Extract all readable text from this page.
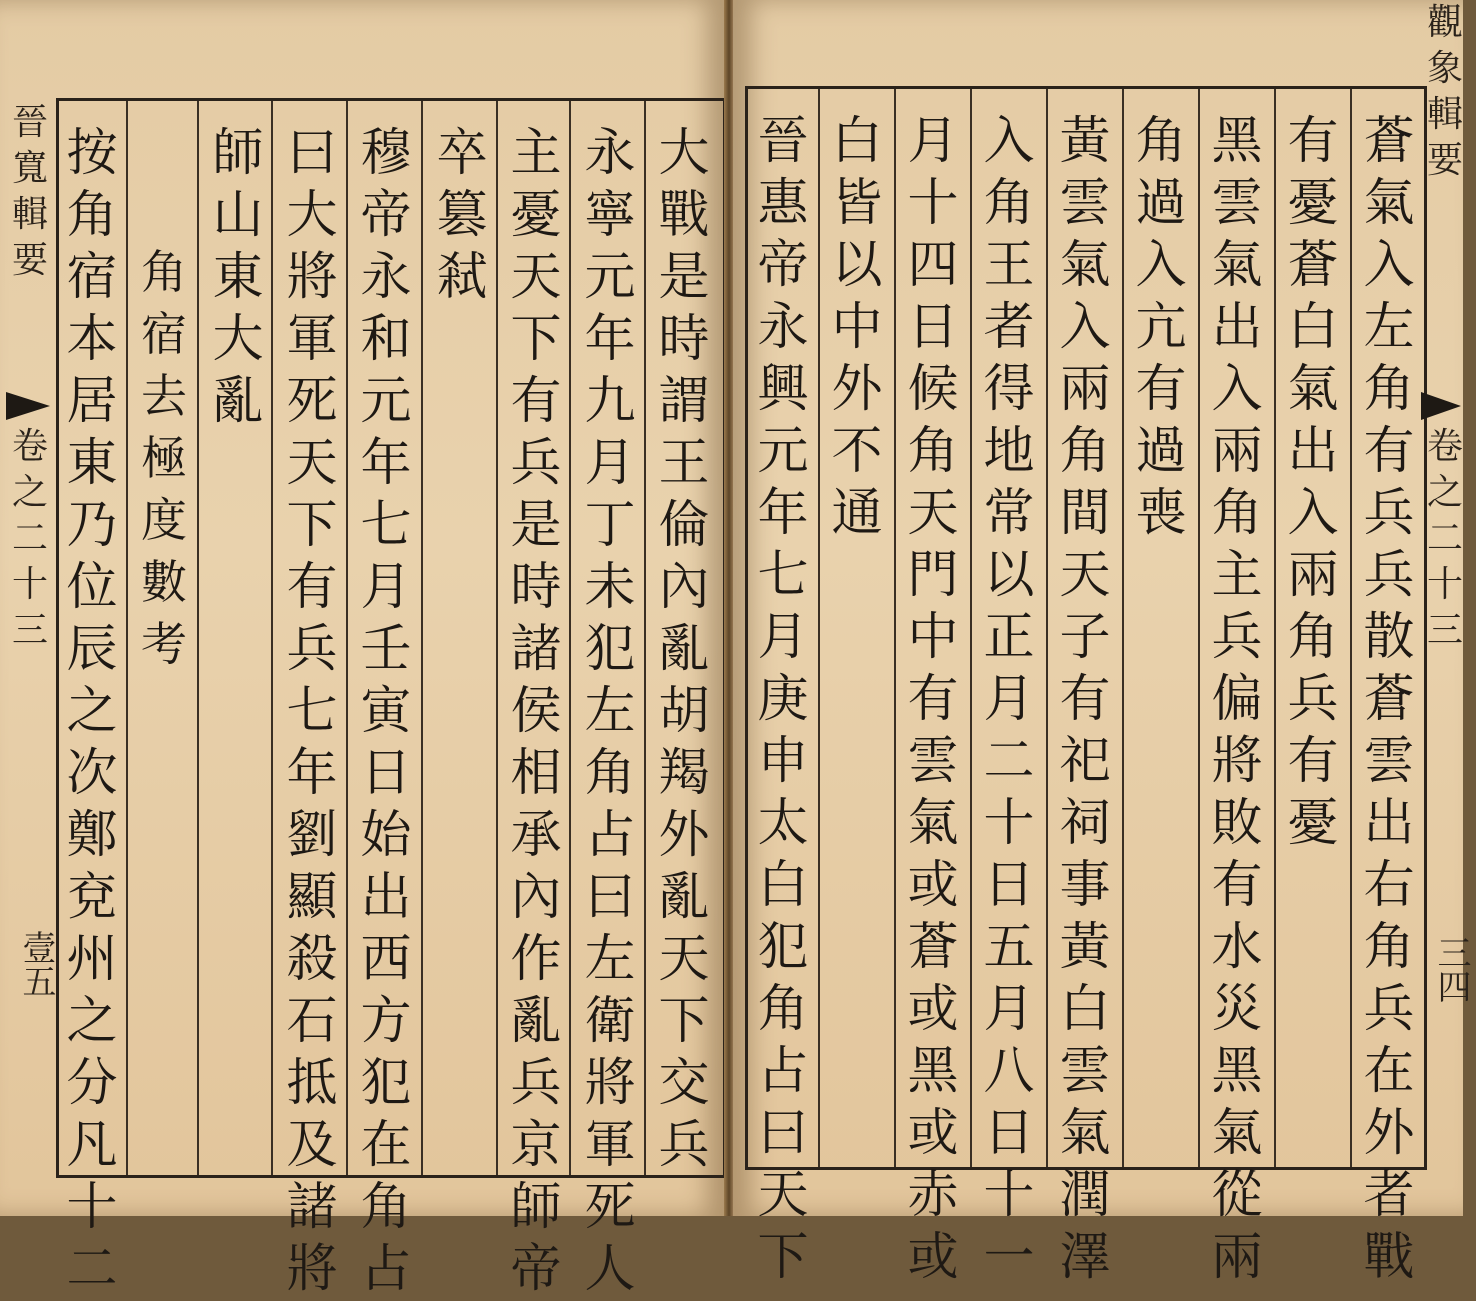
晉
寬
輯
要
卷
之
二
十
三
壹五
大
戰
是
時
謂
王
倫
內
亂
胡
羯
外
亂
天
下
交
兵
永
寧
元
年
九
月
丁
未
犯
左
角
占
曰
左
衛
將
軍
死
人
主
憂
天
下
有
兵
是
時
諸
侯
相
承
內
作
亂
兵
京
師
帝
卒
篡
弒
穆
帝
永
和
元
年
七
月
壬
寅
日
始
出
西
方
犯
在
角
占
曰
大
將
軍
死
天
下
有
兵
七
年
劉
顯
殺
石
抵
及
諸
將
師
山
東
大
亂
角
宿
去
極
度
數
考
按
角
宿
本
居
東
乃
位
辰
之
次
鄭
兗
州
之
分
凡
十
二
蒼
氣
入
左
角
有
兵
兵
散
蒼
雲
出
右
角
兵
在
外
者
戰
有
憂
蒼
白
氣
出
入
兩
角
兵
有
憂
黑
雲
氣
出
入
兩
角
主
兵
偏
將
敗
有
水
災
黑
氣
從
兩
角
過
入
亢
有
過
喪
黃
雲
氣
入
兩
角
間
天
子
有
祀
祠
事
黃
白
雲
氣
潤
澤
入
角
王
者
得
地
常
以
正
月
二
十
日
五
月
八
日
十
一
月
十
四
日
候
角
天
門
中
有
雲
氣
或
蒼
或
黑
或
赤
或
白
皆
以
中
外
不
通
晉
惠
帝
永
興
元
年
七
月
庚
申
太
白
犯
角
占
曰
天
下
觀
象
輯
要
卷
之
二
十
三
三四
